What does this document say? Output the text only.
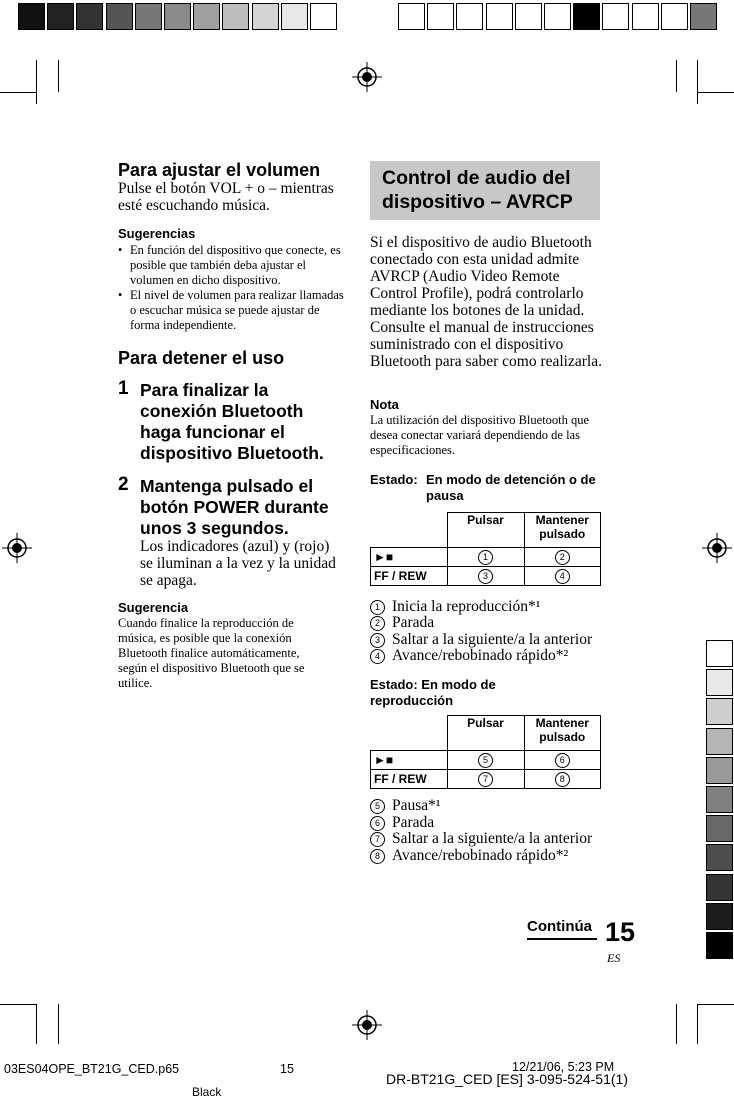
Para ajustar el volumen
Pulse el botón VOL + o – mientras esté escuchando música.
Sugerencias
• En función del dispositivo que conecte, es posible que también deba ajustar el volumen en dicho dispositivo.
• El nivel de volumen para realizar llamadas o escuchar música se puede ajustar de forma independiente.
Para detener el uso
1 Para finalizar la conexión Bluetooth haga funcionar el dispositivo Bluetooth.
2 Mantenga pulsado el botón POWER durante unos 3 segundos.
Los indicadores (azul) y (rojo) se iluminan a la vez y la unidad se apaga.
Sugerencia
Cuando finalice la reproducción de música, es posible que la conexión Bluetooth finalice automáticamente, según el dispositivo Bluetooth que se utilice.
Control de audio del dispositivo – AVRCP
Si el dispositivo de audio Bluetooth conectado con esta unidad admite AVRCP (Audio Video Remote Control Profile), podrá controlarlo mediante los botones de la unidad. Consulte el manual de instrucciones suministrado con el dispositivo Bluetooth para saber como realizarla.
Nota
La utilización del dispositivo Bluetooth que desea conectar variará dependiendo de las especificaciones.
Estado: En modo de detención o de pausa
	Pulsar	Mantener pulsado
►■	1	2
FF / REW	3	4
1 Inicia la reproducción*¹
2 Parada
3 Saltar a la siguiente/a la anterior
4 Avance/rebobinado rápido*²
Estado: En modo de reproducción
	Pulsar	Mantener pulsado
►■	5	6
FF / REW	7	8
5 Pausa*¹
6 Parada
7 Saltar a la siguiente/a la anterior
8 Avance/rebobinado rápido*²
Continúa 15
ES
03ES04OPE_BT21G_CED.p65	15	12/21/06, 5:23 PM
DR-BT21G_CED [ES] 3-095-524-51(1)
Black
